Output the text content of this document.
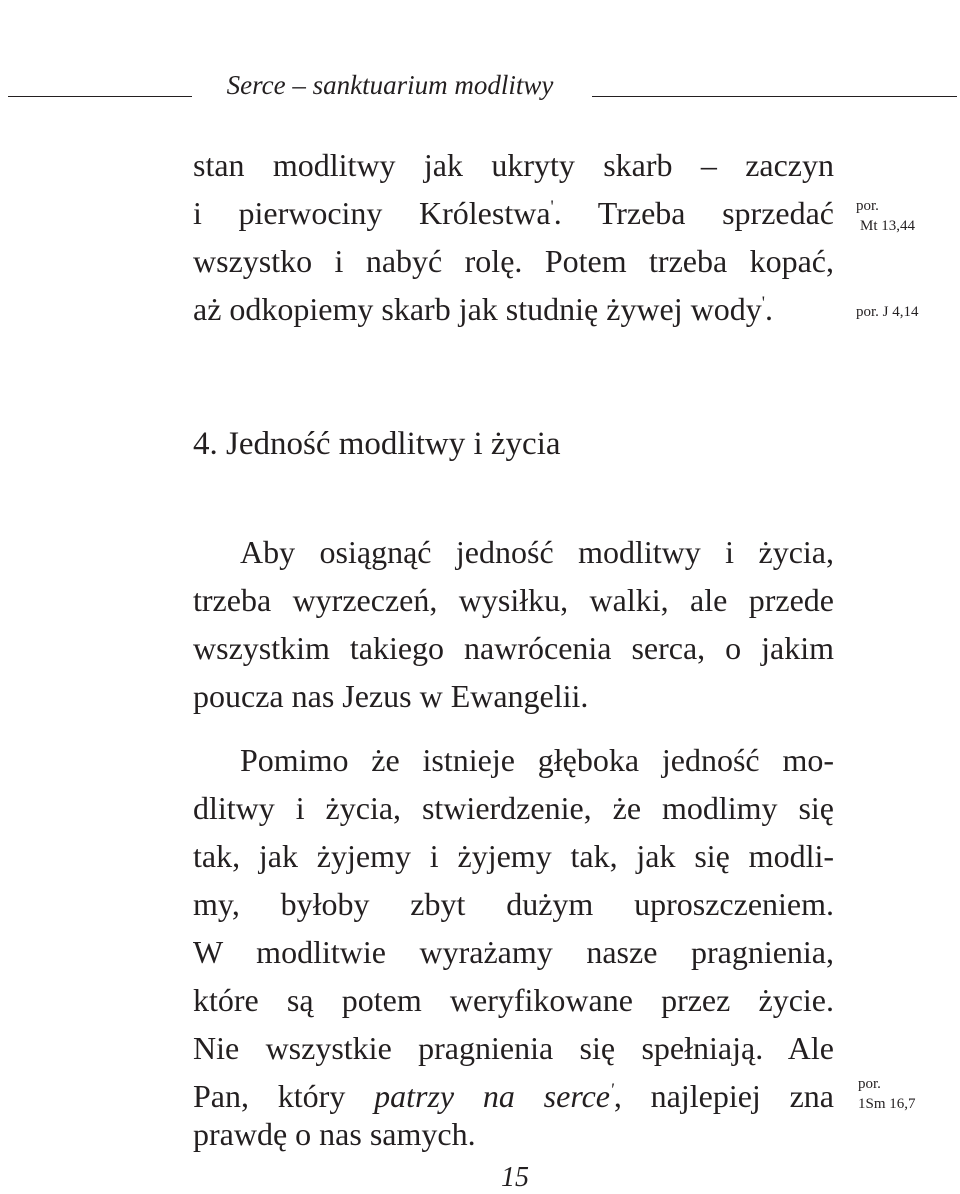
Serce – sanktuarium modlitwy
stan modlitwy jak ukryty skarb – zaczyn
i pierwociny Królestwa'. Trzeba sprzedać
wszystko i nabyć rolę. Potem trzeba kopać,
aż odkopiemy skarb jak studnię żywej wody'.
por.
Mt 13,44
por. J 4,14
4. Jedność modlitwy i życia
Aby osiągnąć jedność modlitwy i życia,
trzeba wyrzeczeń, wysiłku, walki, ale przede
wszystkim takiego nawrócenia serca, o jakim
poucza nas Jezus w Ewangelii.
Pomimo że istnieje głęboka jedność mo-
dlitwy i życia, stwierdzenie, że modlimy się
tak, jak żyjemy i żyjemy tak, jak się modli-
my, byłoby zbyt dużym uproszczeniem.
W modlitwie wyrażamy nasze pragnienia,
które są potem weryfikowane przez życie.
Nie wszystkie pragnienia się spełniają. Ale
Pan, który patrzy na serce', najlepiej zna
prawdę o nas samych.
por.
1Sm 16,7
15
